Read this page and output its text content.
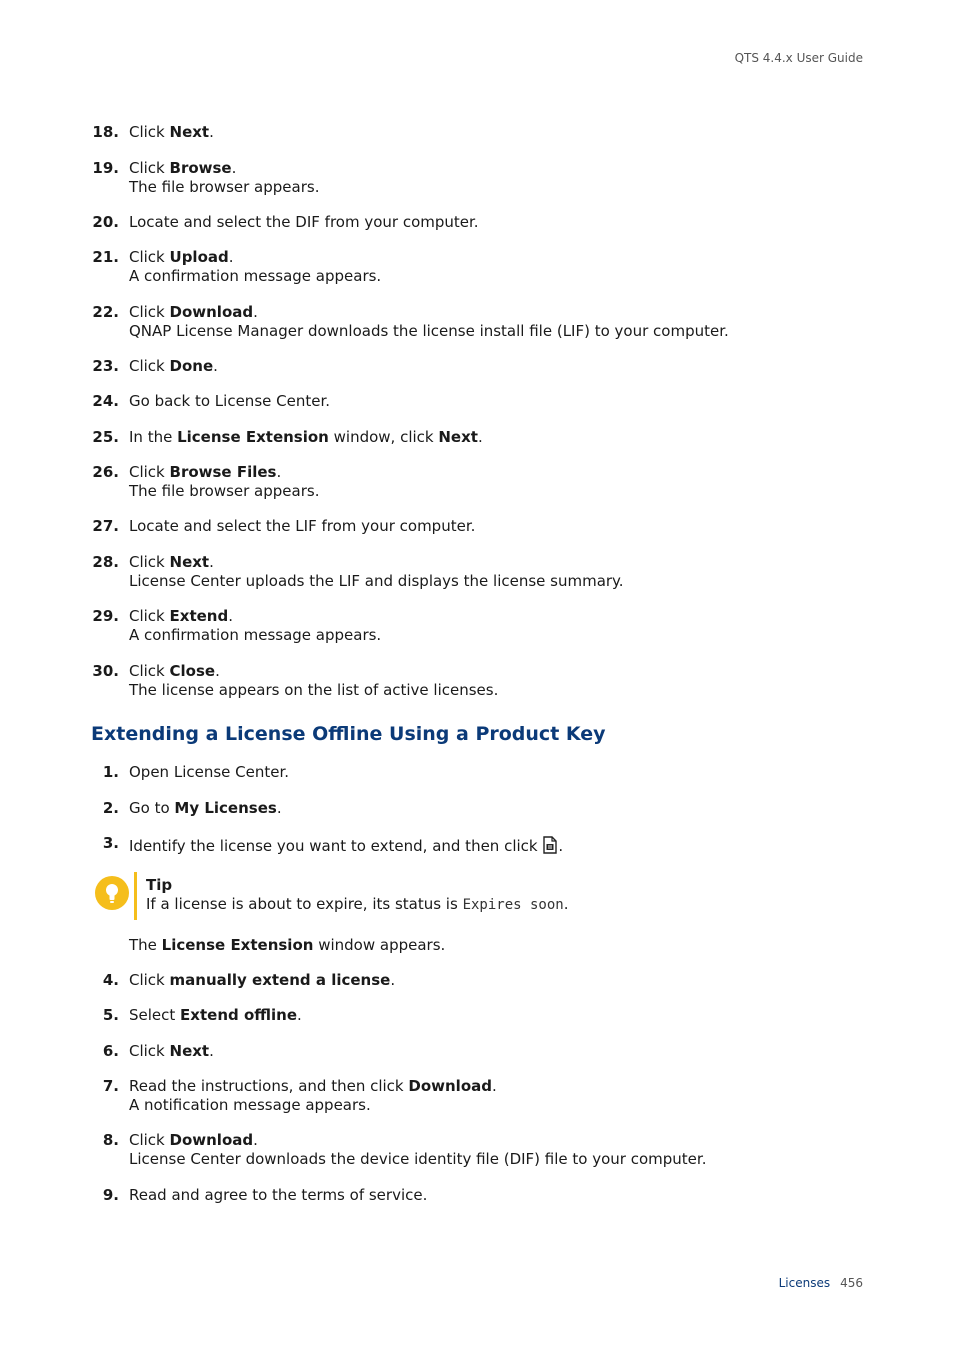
QTS 4.4.x User Guide
18. Click Next.
19. Click Browse.
The file browser appears.
20. Locate and select the DIF from your computer.
21. Click Upload.
A confirmation message appears.
22. Click Download.
QNAP License Manager downloads the license install file (LIF) to your computer.
23. Click Done.
24. Go back to License Center.
25. In the License Extension window, click Next.
26. Click Browse Files.
The file browser appears.
27. Locate and select the LIF from your computer.
28. Click Next.
License Center uploads the LIF and displays the license summary.
29. Click Extend.
A confirmation message appears.
30. Click Close.
The license appears on the list of active licenses.
Extending a License Offline Using a Product Key
1. Open License Center.
2. Go to My Licenses.
3. Identify the license you want to extend, and then click .
Tip
If a license is about to expire, its status is Expires soon.
The License Extension window appears.
4. Click manually extend a license.
5. Select Extend offline.
6. Click Next.
7. Read the instructions, and then click Download.
A notification message appears.
8. Click Download.
License Center downloads the device identity file (DIF) file to your computer.
9. Read and agree to the terms of service.
Licenses 456
